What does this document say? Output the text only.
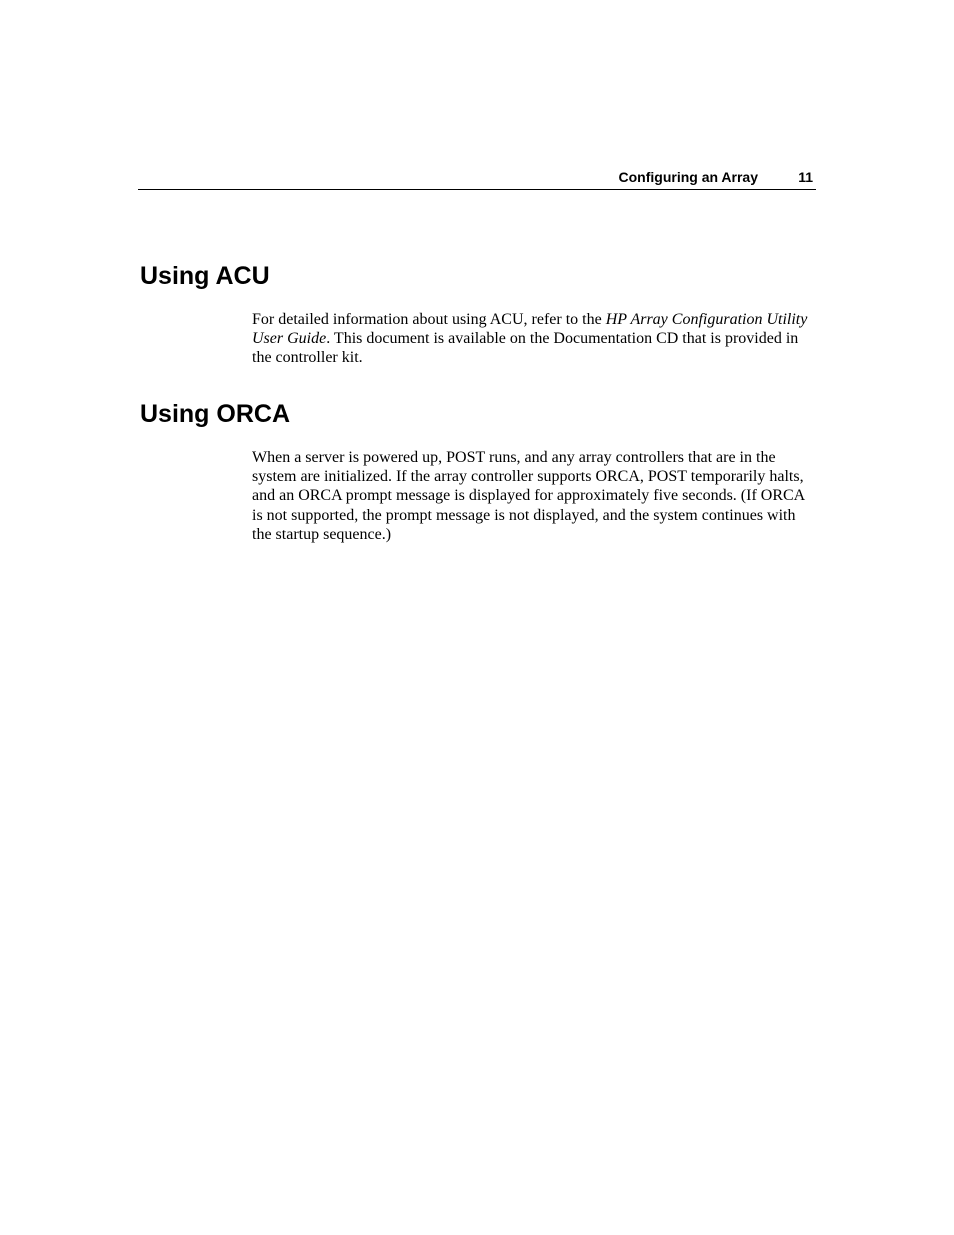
Configuring an Array	11
Using ACU

For detailed information about using ACU, refer to the HP Array Configuration Utility User Guide. This document is available on the Documentation CD that is provided in the controller kit.

Using ORCA

When a server is powered up, POST runs, and any array controllers that are in the system are initialized. If the array controller supports ORCA, POST temporarily halts, and an ORCA prompt message is displayed for approximately five seconds. (If ORCA is not supported, the prompt message is not displayed, and the system continues with the startup sequence.)
